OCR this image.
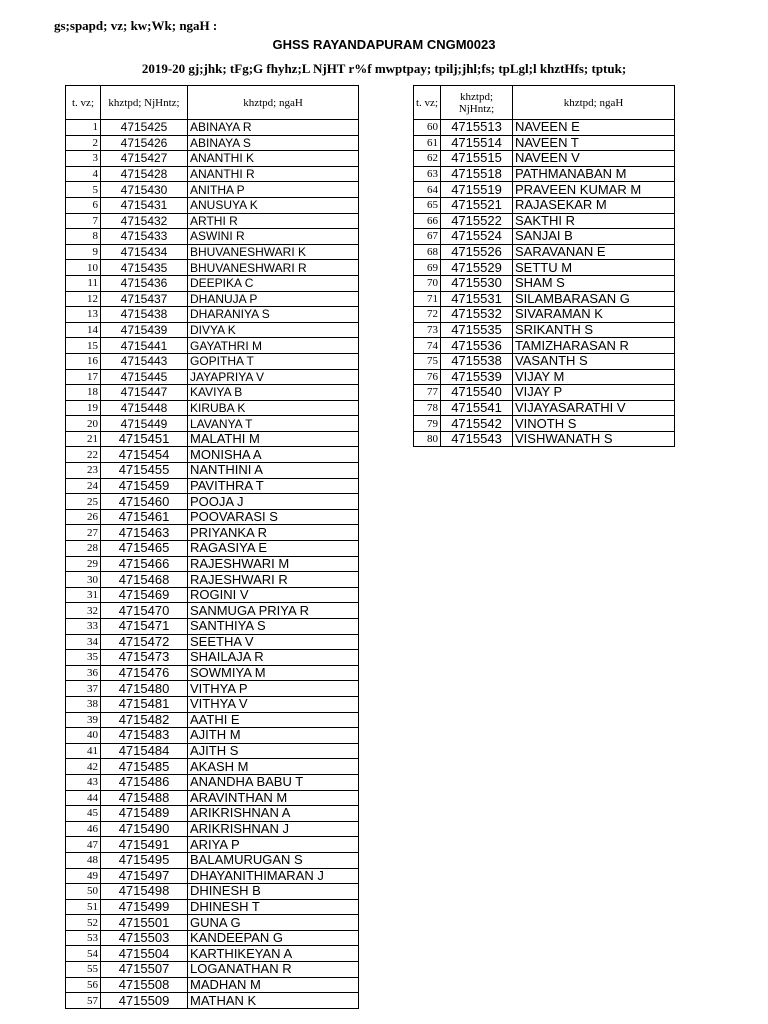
gs;spapd; vz; kw;Wk; ngaH :
GHSS RAYANDAPURAM CNGM0023
2019-20 gj;jhk; tFg;G fhyhz;L NjHT r%f mwptpay; tpilj;jhl;fs; tpLgl;l khztHfs; tptuk;
t. vz;	khztpd; NjHntz;	khztpd; ngaH
1	4715425	ABINAYA R
2	4715426	ABINAYA S
3	4715427	ANANTHI K
4	4715428	ANANTHI R
5	4715430	ANITHA P
6	4715431	ANUSUYA K
7	4715432	ARTHI R
8	4715433	ASWINI R
9	4715434	BHUVANESHWARI K
10	4715435	BHUVANESHWARI R
11	4715436	DEEPIKA C
12	4715437	DHANUJA P
13	4715438	DHARANIYA S
14	4715439	DIVYA K
15	4715441	GAYATHRI M
16	4715443	GOPITHA T
17	4715445	JAYAPRIYA V
18	4715447	KAVIYA B
19	4715448	KIRUBA K
20	4715449	LAVANYA T
21	4715451	MALATHI M
22	4715454	MONISHA A
23	4715455	NANTHINI A
24	4715459	PAVITHRA T
25	4715460	POOJA J
26	4715461	POOVARASI S
27	4715463	PRIYANKA R
28	4715465	RAGASIYA E
29	4715466	RAJESHWARI M
30	4715468	RAJESHWARI R
31	4715469	ROGINI V
32	4715470	SANMUGA PRIYA R
33	4715471	SANTHIYA S
34	4715472	SEETHA V
35	4715473	SHAILAJA R
36	4715476	SOWMIYA M
37	4715480	VITHYA P
38	4715481	VITHYA V
39	4715482	AATHI E
40	4715483	AJITH M
41	4715484	AJITH S
42	4715485	AKASH M
43	4715486	ANANDHA BABU T
44	4715488	ARAVINTHAN M
45	4715489	ARIKRISHNAN A
46	4715490	ARIKRISHNAN J
47	4715491	ARIYA P
48	4715495	BALAMURUGAN S
49	4715497	DHAYANITHIMARAN J
50	4715498	DHINESH B
51	4715499	DHINESH T
52	4715501	GUNA G
53	4715503	KANDEEPAN G
54	4715504	KARTHIKEYAN A
55	4715507	LOGANATHAN R
56	4715508	MADHAN M
57	4715509	MATHAN K
t. vz;	khztpd; NjHntz;	khztpd; ngaH
60	4715513	NAVEEN E
61	4715514	NAVEEN T
62	4715515	NAVEEN V
63	4715518	PATHMANABAN M
64	4715519	PRAVEEN KUMAR M
65	4715521	RAJASEKAR M
66	4715522	SAKTHI R
67	4715524	SANJAI B
68	4715526	SARAVANAN E
69	4715529	SETTU M
70	4715530	SHAM S
71	4715531	SILAMBARASAN G
72	4715532	SIVARAMAN K
73	4715535	SRIKANTH S
74	4715536	TAMIZHARASAN R
75	4715538	VASANTH S
76	4715539	VIJAY M
77	4715540	VIJAY P
78	4715541	VIJAYASARATHI V
79	4715542	VINOTH S
80	4715543	VISHWANATH S
